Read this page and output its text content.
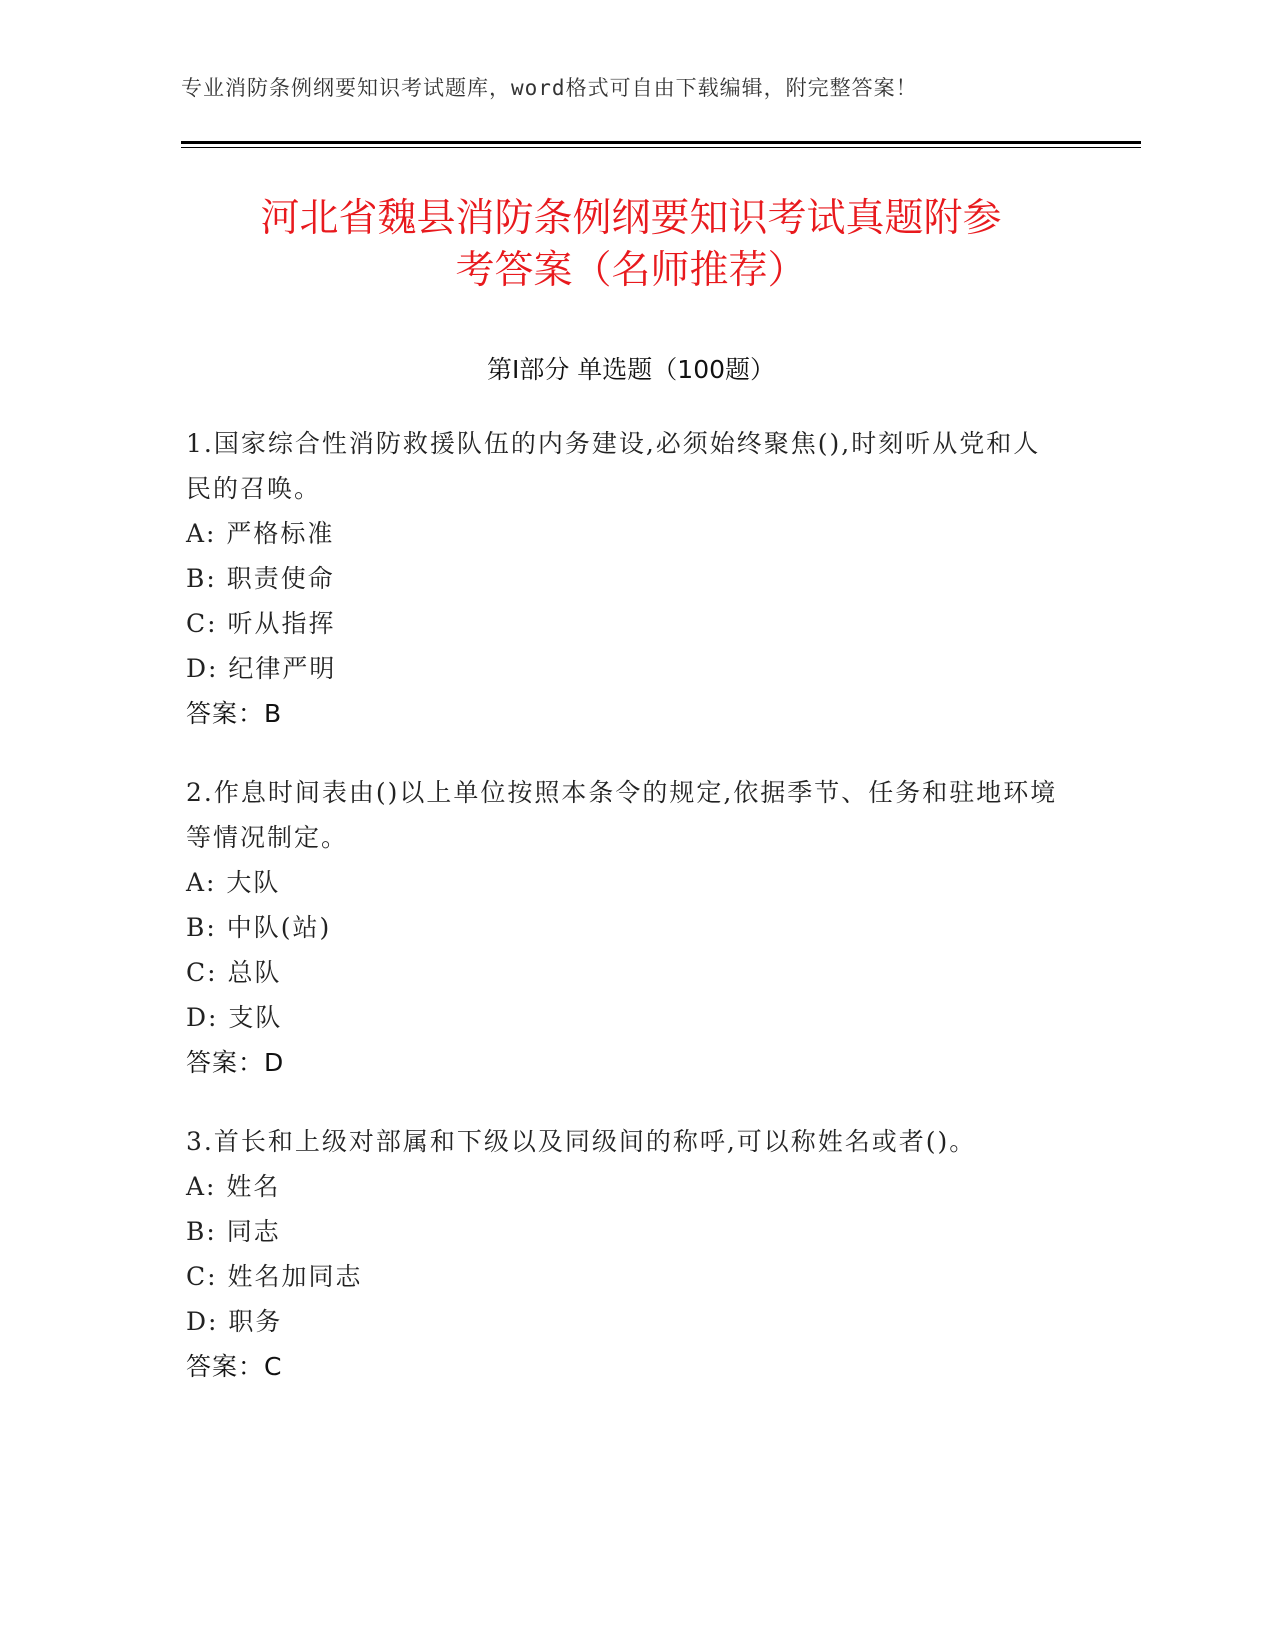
专业消防条例纲要知识考试题库，word格式可自由下载编辑，附完整答案！
河北省魏县消防条例纲要知识考试真题附参
考答案（名师推荐）
第I部分 单选题（100题）

1.国家综合性消防救援队伍的内务建设,必须始终聚焦(),时刻听从党和人民的召唤。

A: 严格标准

B: 职责使命

C: 听从指挥

D: 纪律严明

答案：B

2.作息时间表由()以上单位按照本条令的规定,依据季节、任务和驻地环境等情况制定。

A: 大队

B: 中队(站)

C: 总队

D: 支队

答案：D

3.首长和上级对部属和下级以及同级间的称呼,可以称姓名或者()。

A: 姓名

B: 同志

C: 姓名加同志

D: 职务

答案：C
